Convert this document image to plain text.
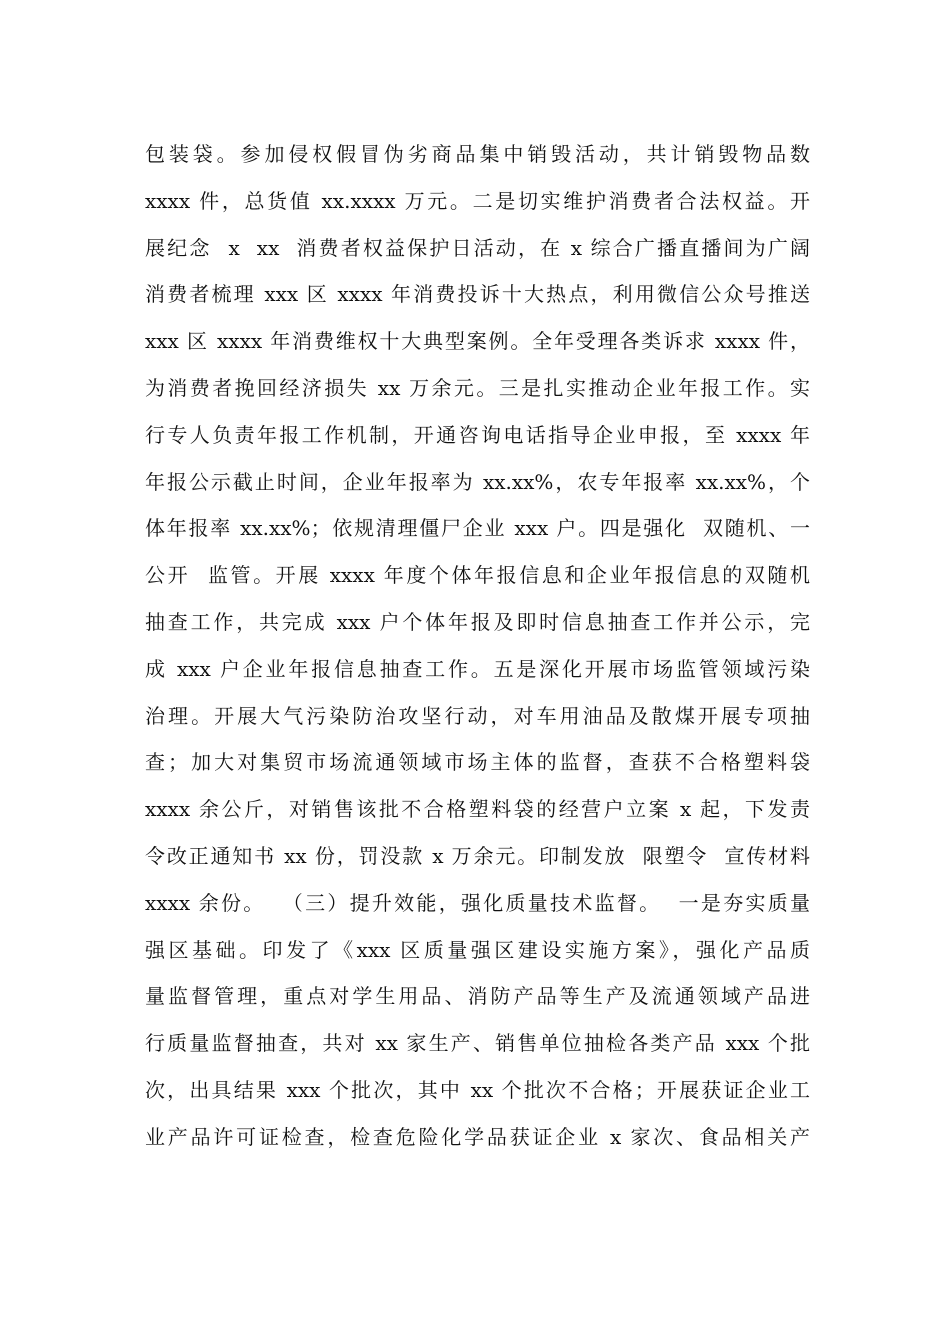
包装袋。参加侵权假冒伪劣商品集中销毁活动，共计销毁物品数
xxxx 件，总货值 xx.xxxx 万元。二是切实维护消费者合法权益。开
展纪念  x  xx  消费者权益保护日活动，在 x 综合广播直播间为广阔
消费者梳理 xxx 区 xxxx 年消费投诉十大热点，利用微信公众号推送
xxx 区 xxxx 年消费维权十大典型案例。全年受理各类诉求 xxxx 件，
为消费者挽回经济损失 xx 万余元。三是扎实推动企业年报工作。实
行专人负责年报工作机制，开通咨询电话指导企业申报，至 xxxx 年
年报公示截止时间，企业年报率为 xx.xx%，农专年报率 xx.xx%，个
体年报率 xx.xx%；依规清理僵尸企业 xxx 户。四是强化  双随机、一
公开  监管。开展 xxxx 年度个体年报信息和企业年报信息的双随机
抽查工作，共完成 xxx 户个体年报及即时信息抽查工作并公示，完
成 xxx 户企业年报信息抽查工作。五是深化开展市场监管领域污染
治理。开展大气污染防治攻坚行动，对车用油品及散煤开展专项抽
查；加大对集贸市场流通领域市场主体的监督，查获不合格塑料袋
xxxx 余公斤，对销售该批不合格塑料袋的经营户立案 x 起，下发责
令改正通知书 xx 份，罚没款 x 万余元。印制发放  限塑令  宣传材料
xxxx 余份。  （三）提升效能，强化质量技术监督。  一是夯实质量
强区基础。印发了《xxx 区质量强区建设实施方案》，强化产品质
量监督管理，重点对学生用品、消防产品等生产及流通领域产品进
行质量监督抽查，共对 xx 家生产、销售单位抽检各类产品 xxx 个批
次，出具结果 xxx 个批次，其中 xx 个批次不合格；开展获证企业工
业产品许可证检查，检查危险化学品获证企业 x 家次、食品相关产
